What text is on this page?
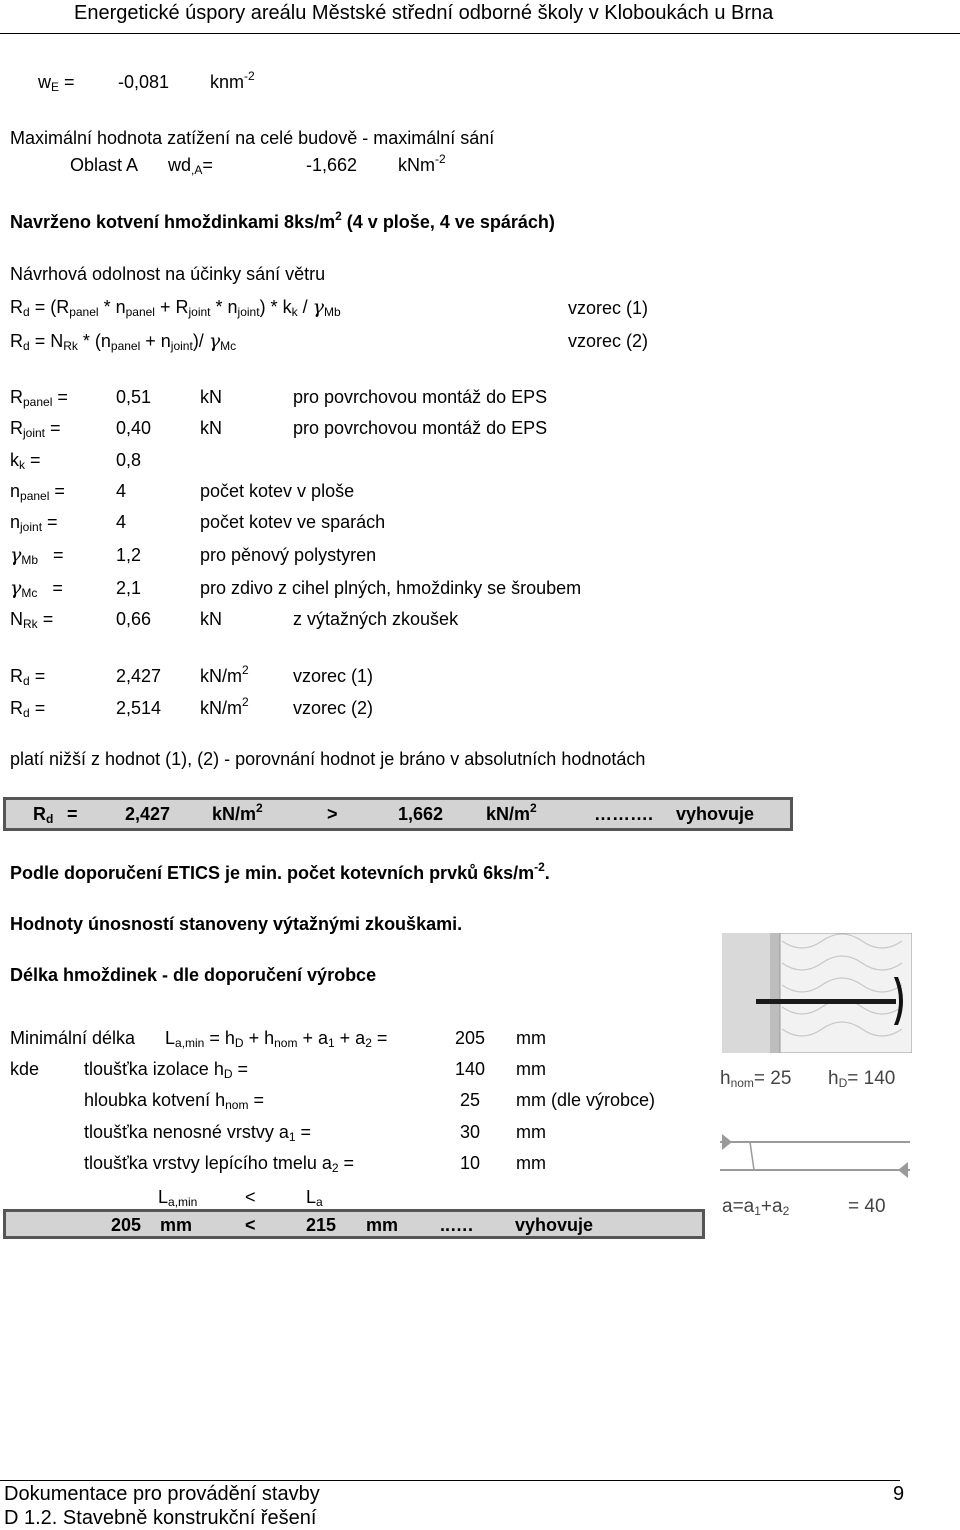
Energetické úspory areálu Městské střední odborné školy v Kloboukách u Brna
$w_E = -0,081$ knm$^{-2}$
Maximální hodnota zatížení na celé budově - maximální sání
Oblast A $wd_{,A}=$	-1,662 kNm$^{-2}$
Navrženo kotvení hmoždinkami $8ks/m^2$ (4 v ploše, 4 ve spárách)
Návrhová odolnost na účinky sání větru
$R_d = (R_{panel} * n_{panel} + R_{joint} * n_{joint}) * k_k / \gamma_{Mb}$	vzorec (1)
$R_d = N_{Rk} * (n_{panel} + n_{joint})/$ $\gamma_{Mc}$	vzorec (2)
$R_{panel}$ =	0,51	kN	pro povrchovou montáž do EPS
$R_{joint}$ =	0,40	kN	pro povrchovou montáž do EPS
$k_k$ =	0,8
$n_{panel}$ =	4	počet kotev v ploše
$n_{joint}$ =	4	počet kotev ve sparách
$\gamma_{Mb}$ =	1,2	pro pěnový polystyren
$\gamma_{Mc}$ =	2,1	pro zdivo z cihel plných, hmoždinky se šroubem
$N_{Rk}$ =	0,66	kN	z výtažných zkoušek
$R_d$ =	2,427 $kN/m^2$ vzorec (1)
$R_d$ =	2,514 $kN/m^2$ vzorec (2)
platí nižší z hodnot (1), (2) - porovnání hodnot je bráno v absolutních hodnotách
$R_d$ =	2,427 $kN/m^2$	>	1,662 $kN/m^2$	………. vyhovuje
Podle doporučení ETICS je min. počet kotevních prvků $6ks/m^{-2}$.
Hodnoty únosností stanoveny výtažnými zkouškami.
Délka hmoždinek - dle doporučení výrobce
Minimální délka $L_{a,min} = h_D + h_{nom} + a_1 + a_2$ =	205 mm
kde tloušťka izolace $h_D$ =	140 mm
hloubka kotvení $h_{nom}$ =	25 mm (dle výrobce)
tloušťka nenosné vrstvy $a_1$ =	30 mm
tloušťka vrstvy lepícího tmelu $a_2$ =	10 mm
$L_{a,min}$	<	$L_a$
205 mm	<	215 mm ..…. vyhovuje
$h_{nom}= 25$ $h_D= 140$
$a=a_1+a_2$	= 40
Dokumentace pro provádění stavby	9
D 1.2. Stavebně konstrukční řešení
